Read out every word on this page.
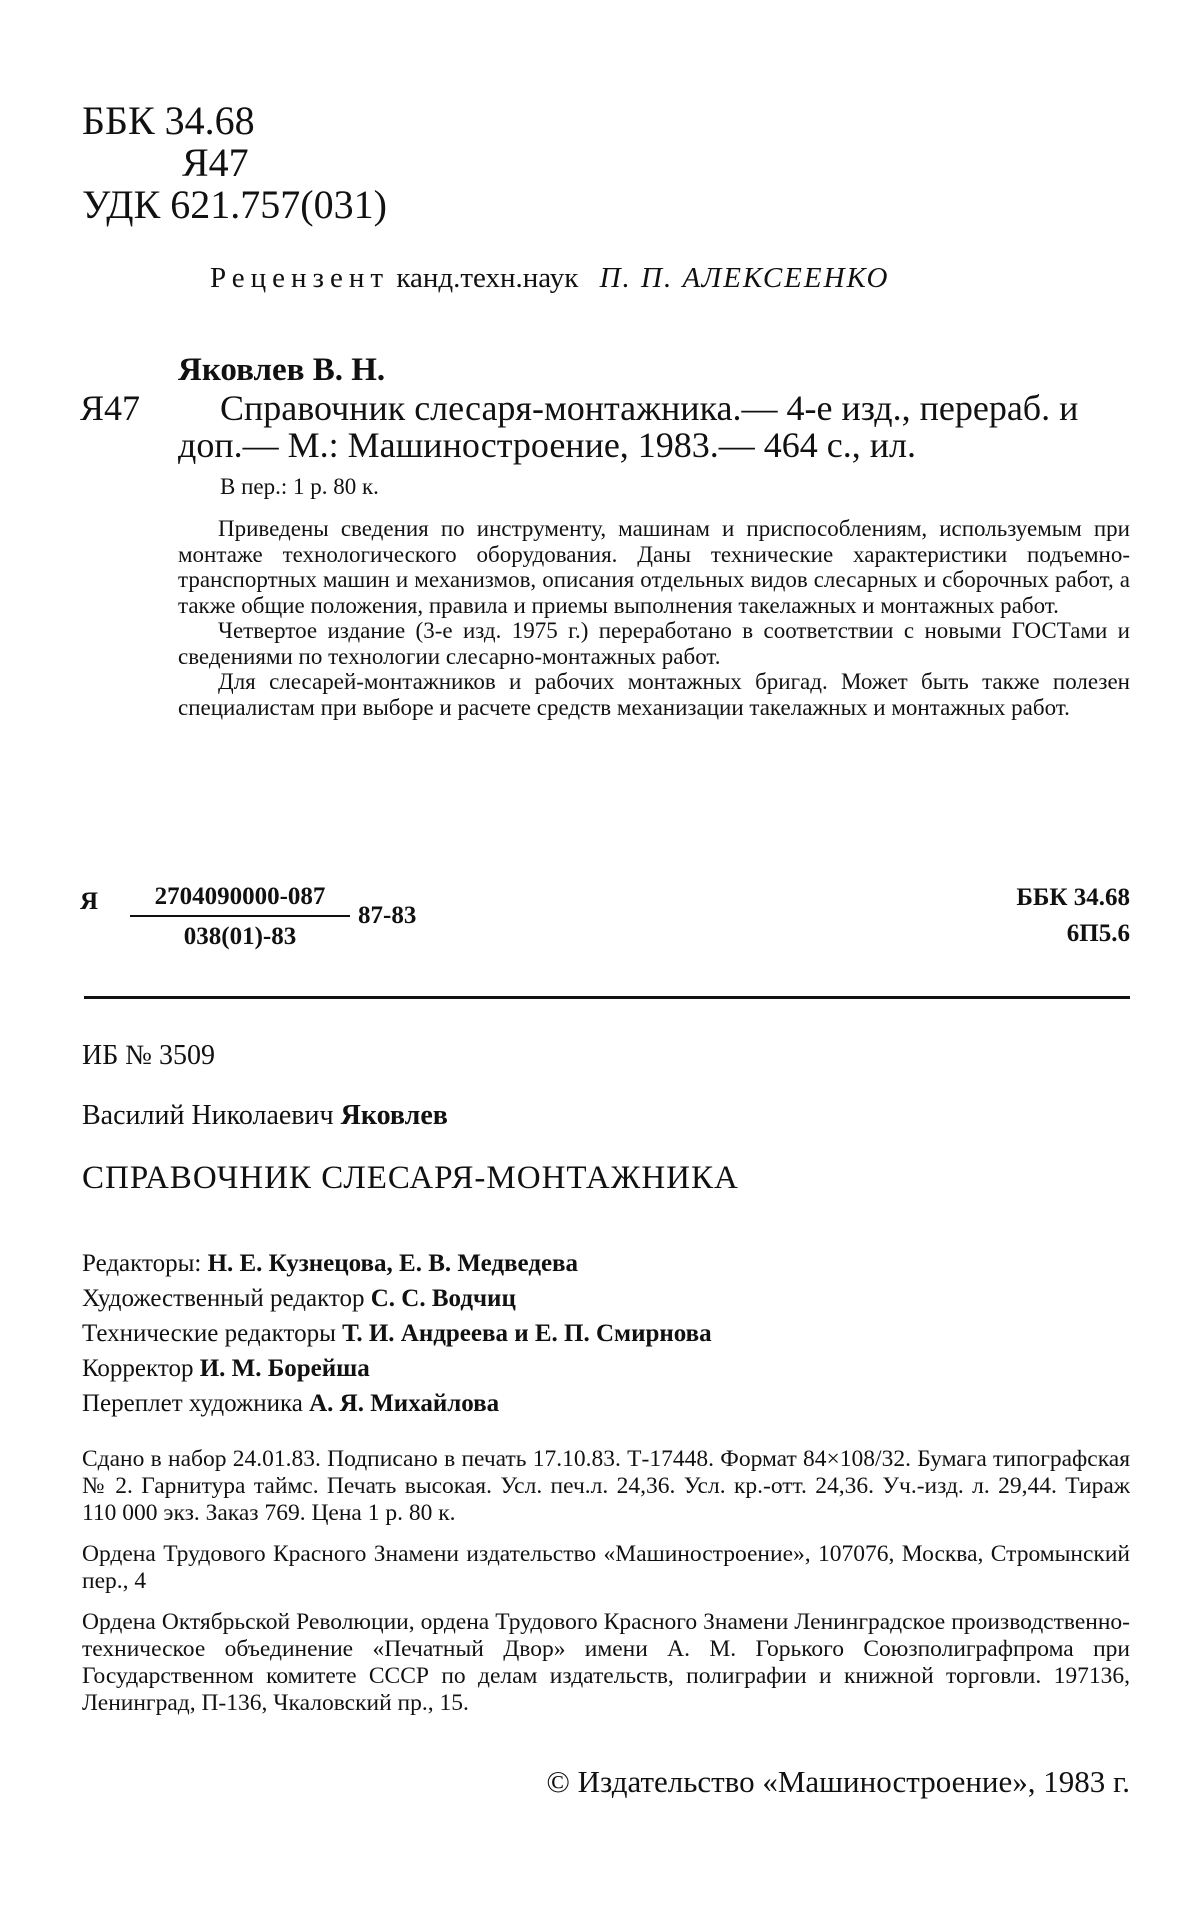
ББК 34.68
Я47
УДК 621.757(031)
Рецензент канд.техн.наук П. П. АЛЕКСЕЕНКО
Яковлев В. Н.
Я47 Справочник слесаря-монтажника.— 4-е изд., перераб. и
доп.— М.: Машиностроение, 1983.— 464 с., ил.
В пер.: 1 р. 80 к.

Приведены сведения по инструменту, машинам и приспособлениям, используемым при монтаже технологического оборудования. Даны технические характеристики подъемно-транспортных машин и механизмов, описания отдельных видов слесарных и сборочных работ, а также общие положения, правила и приемы выполнения такелажных и монтажных работ.

Четвертое издание (3-е изд. 1975 г.) переработано в соответствии с новыми ГОСТами и сведениями по технологии слесарно-монтажных работ.

Для слесарей-монтажников и рабочих монтажных бригад. Может быть также полезен специалистам при выборе и расчете средств механизации такелажных и монтажных работ.

Я $\frac{2704090000-087}{038(01)-83} 87-83$
ББК 34.68
6П5.6
ИБ № 3509
Василий Николаевич Яковлев
СПРАВОЧНИК СЛЕСАРЯ-МОНТАЖНИКА
Редакторы: Н. Е. Кузнецова, Е. В. Медведева
Художественный редактор С. С. Водчиц
Технические редакторы Т. И. Андреева и Е. П. Смирнова
Корректор И. М. Борейша
Переплет художника А. Я. Михайлова

Сдано в набор 24.01.83. Подписано в печать 17.10.83. Т-17448. Формат 84×108/32. Бумага типографская № 2. Гарнитура таймс. Печать высокая. Усл. печ.л. 24,36. Усл. кр.-отт. 24,36. Уч.-изд. л. 29,44. Тираж 110 000 экз. Заказ 769. Цена 1 р. 80 к.

Ордена Трудового Красного Знамени издательство «Машиностроение», 107076, Москва, Стромынский пер., 4

Ордена Октябрьской Революции, ордена Трудового Красного Знамени Ленинградское производственно-техническое объединение «Печатный Двор» имени А. М. Горького Союзполиграфпрома при Государственном комитете СССР по делам издательств, полиграфии и книжной торговли. 197136, Ленинград, П-136, Чкаловский пр., 15.

© Издательство «Машиностроение», 1983 г.
